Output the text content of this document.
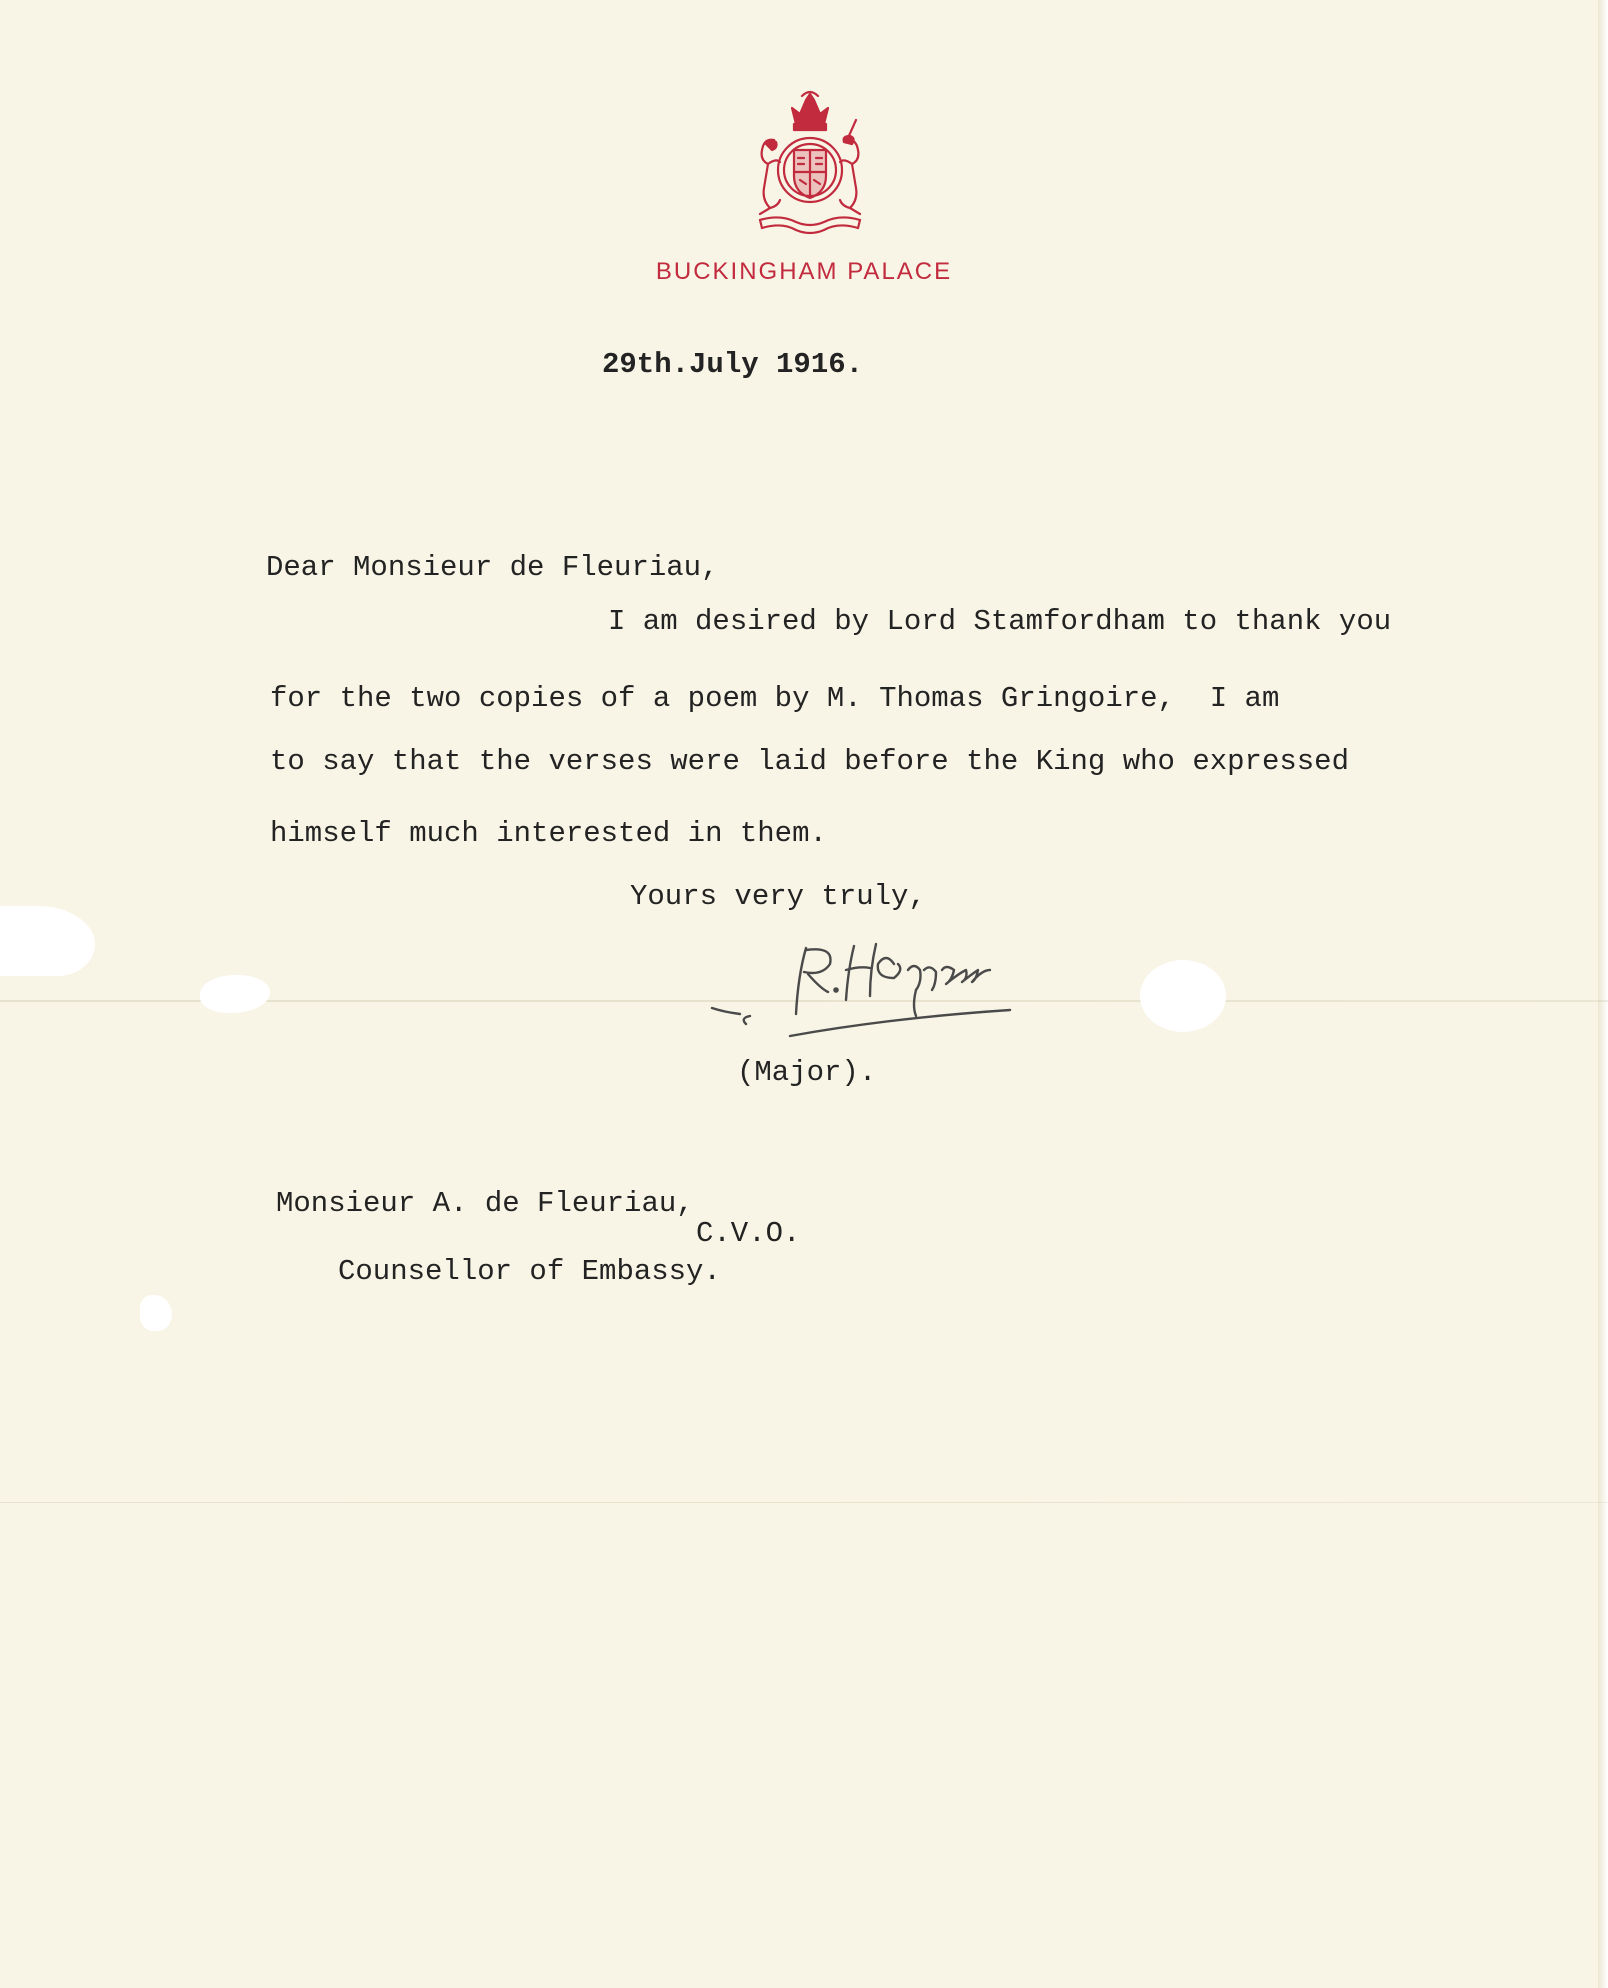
BUCKINGHAM PALACE

29th.July 1916.

Dear Monsieur de Fleuriau,

I am desired by Lord Stamfordham to thank you

for the two copies of a poem by M. Thomas Gringoire,  I am

to say that the verses were laid before the King who expressed

himself much interested in them.

Yours very truly,

(Major).

Monsieur A. de Fleuriau,

C.V.O.

Counsellor of Embassy.
